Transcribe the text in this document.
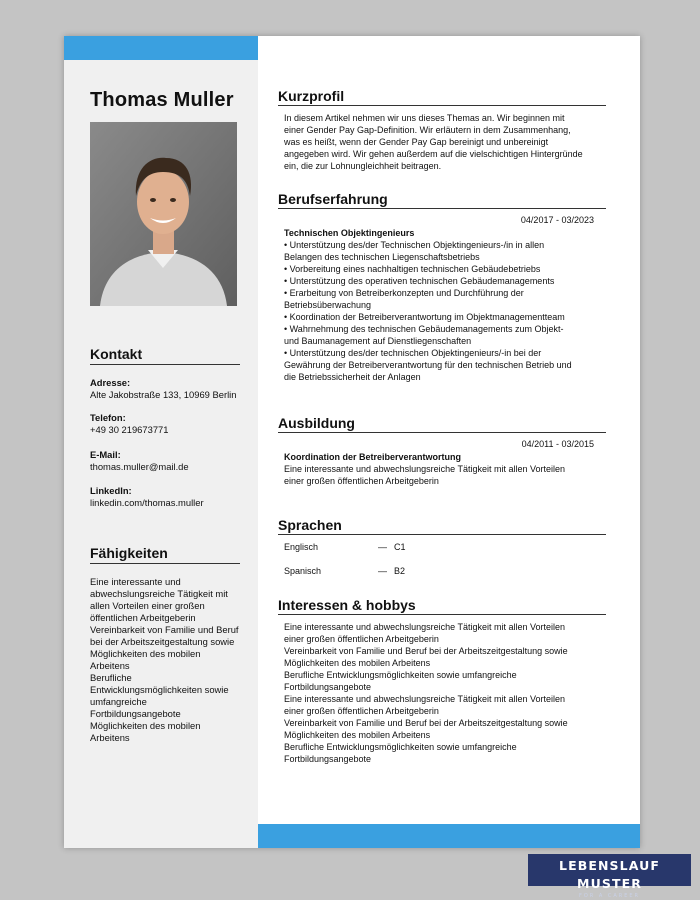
Thomas Muller
Kontakt
Adresse:
Alte Jakobstraße 133, 10969 Berlin
Telefon:
+49 30 219673771
E-Mail:
thomas.muller@mail.de
LinkedIn:
linkedin.com/thomas.muller
Fähigkeiten
Eine interessante und
abwechslungsreiche Tätigkeit mit
allen Vorteilen einer großen
öffentlichen Arbeitgeberin
Vereinbarkeit von Familie und Beruf
bei der Arbeitszeitgestaltung sowie
Möglichkeiten des mobilen
Arbeitens
Berufliche
Entwicklungsmöglichkeiten sowie
umfangreiche
Fortbildungsangebote
Möglichkeiten des mobilen
Arbeitens
Kurzprofil
In diesem Artikel nehmen wir uns dieses Themas an. Wir beginnen mit
einer Gender Pay Gap-Definition. Wir erläutern in dem Zusammenhang,
was es heißt, wenn der Gender Pay Gap bereinigt und unbereinigt
angegeben wird. Wir gehen außerdem auf die vielschichtigen Hintergründe
ein, die zur Lohnungleichheit beitragen.
Berufserfahrung
04/2017 - 03/2023
Technischen Objektingenieurs
• Unterstützung des/der Technischen Objektingenieurs-/in in allen
Belangen des technischen Liegenschaftsbetriebs
• Vorbereitung eines nachhaltigen technischen Gebäudebetriebs
• Unterstützung des operativen technischen Gebäudemanagements
• Erarbeitung von Betreiberkonzepten und Durchführung der
Betriebsüberwachung
• Koordination der Betreiberverantwortung im Objektmanagementteam
• Wahrnehmung des technischen Gebäudemanagements zum Objekt-
und Baumanagement auf Dienstliegenschaften
• Unterstützung des/der technischen Objektingenieurs/-in bei der
Gewährung der Betreiberverantwortung für den technischen Betrieb und
die Betriebssicherheit der Anlagen
Ausbildung
04/2011 - 03/2015
Koordination der Betreiberverantwortung
Eine interessante und abwechslungsreiche Tätigkeit mit allen Vorteilen
einer großen öffentlichen Arbeitgeberin
Sprachen
Englisch	— C1
Spanisch	— B2
Interessen & hobbys
Eine interessante und abwechslungsreiche Tätigkeit mit allen Vorteilen
einer großen öffentlichen Arbeitgeberin
Vereinbarkeit von Familie und Beruf bei der Arbeitszeitgestaltung sowie
Möglichkeiten des mobilen Arbeitens
Berufliche Entwicklungsmöglichkeiten sowie umfangreiche
Fortbildungsangebote
Eine interessante und abwechslungsreiche Tätigkeit mit allen Vorteilen
einer großen öffentlichen Arbeitgeberin
Vereinbarkeit von Familie und Beruf bei der Arbeitszeitgestaltung sowie
Möglichkeiten des mobilen Arbeitens
Berufliche Entwicklungsmöglichkeiten sowie umfangreiche
Fortbildungsangebote
LEBENSLAUF MUSTER
FOR A CAREER
